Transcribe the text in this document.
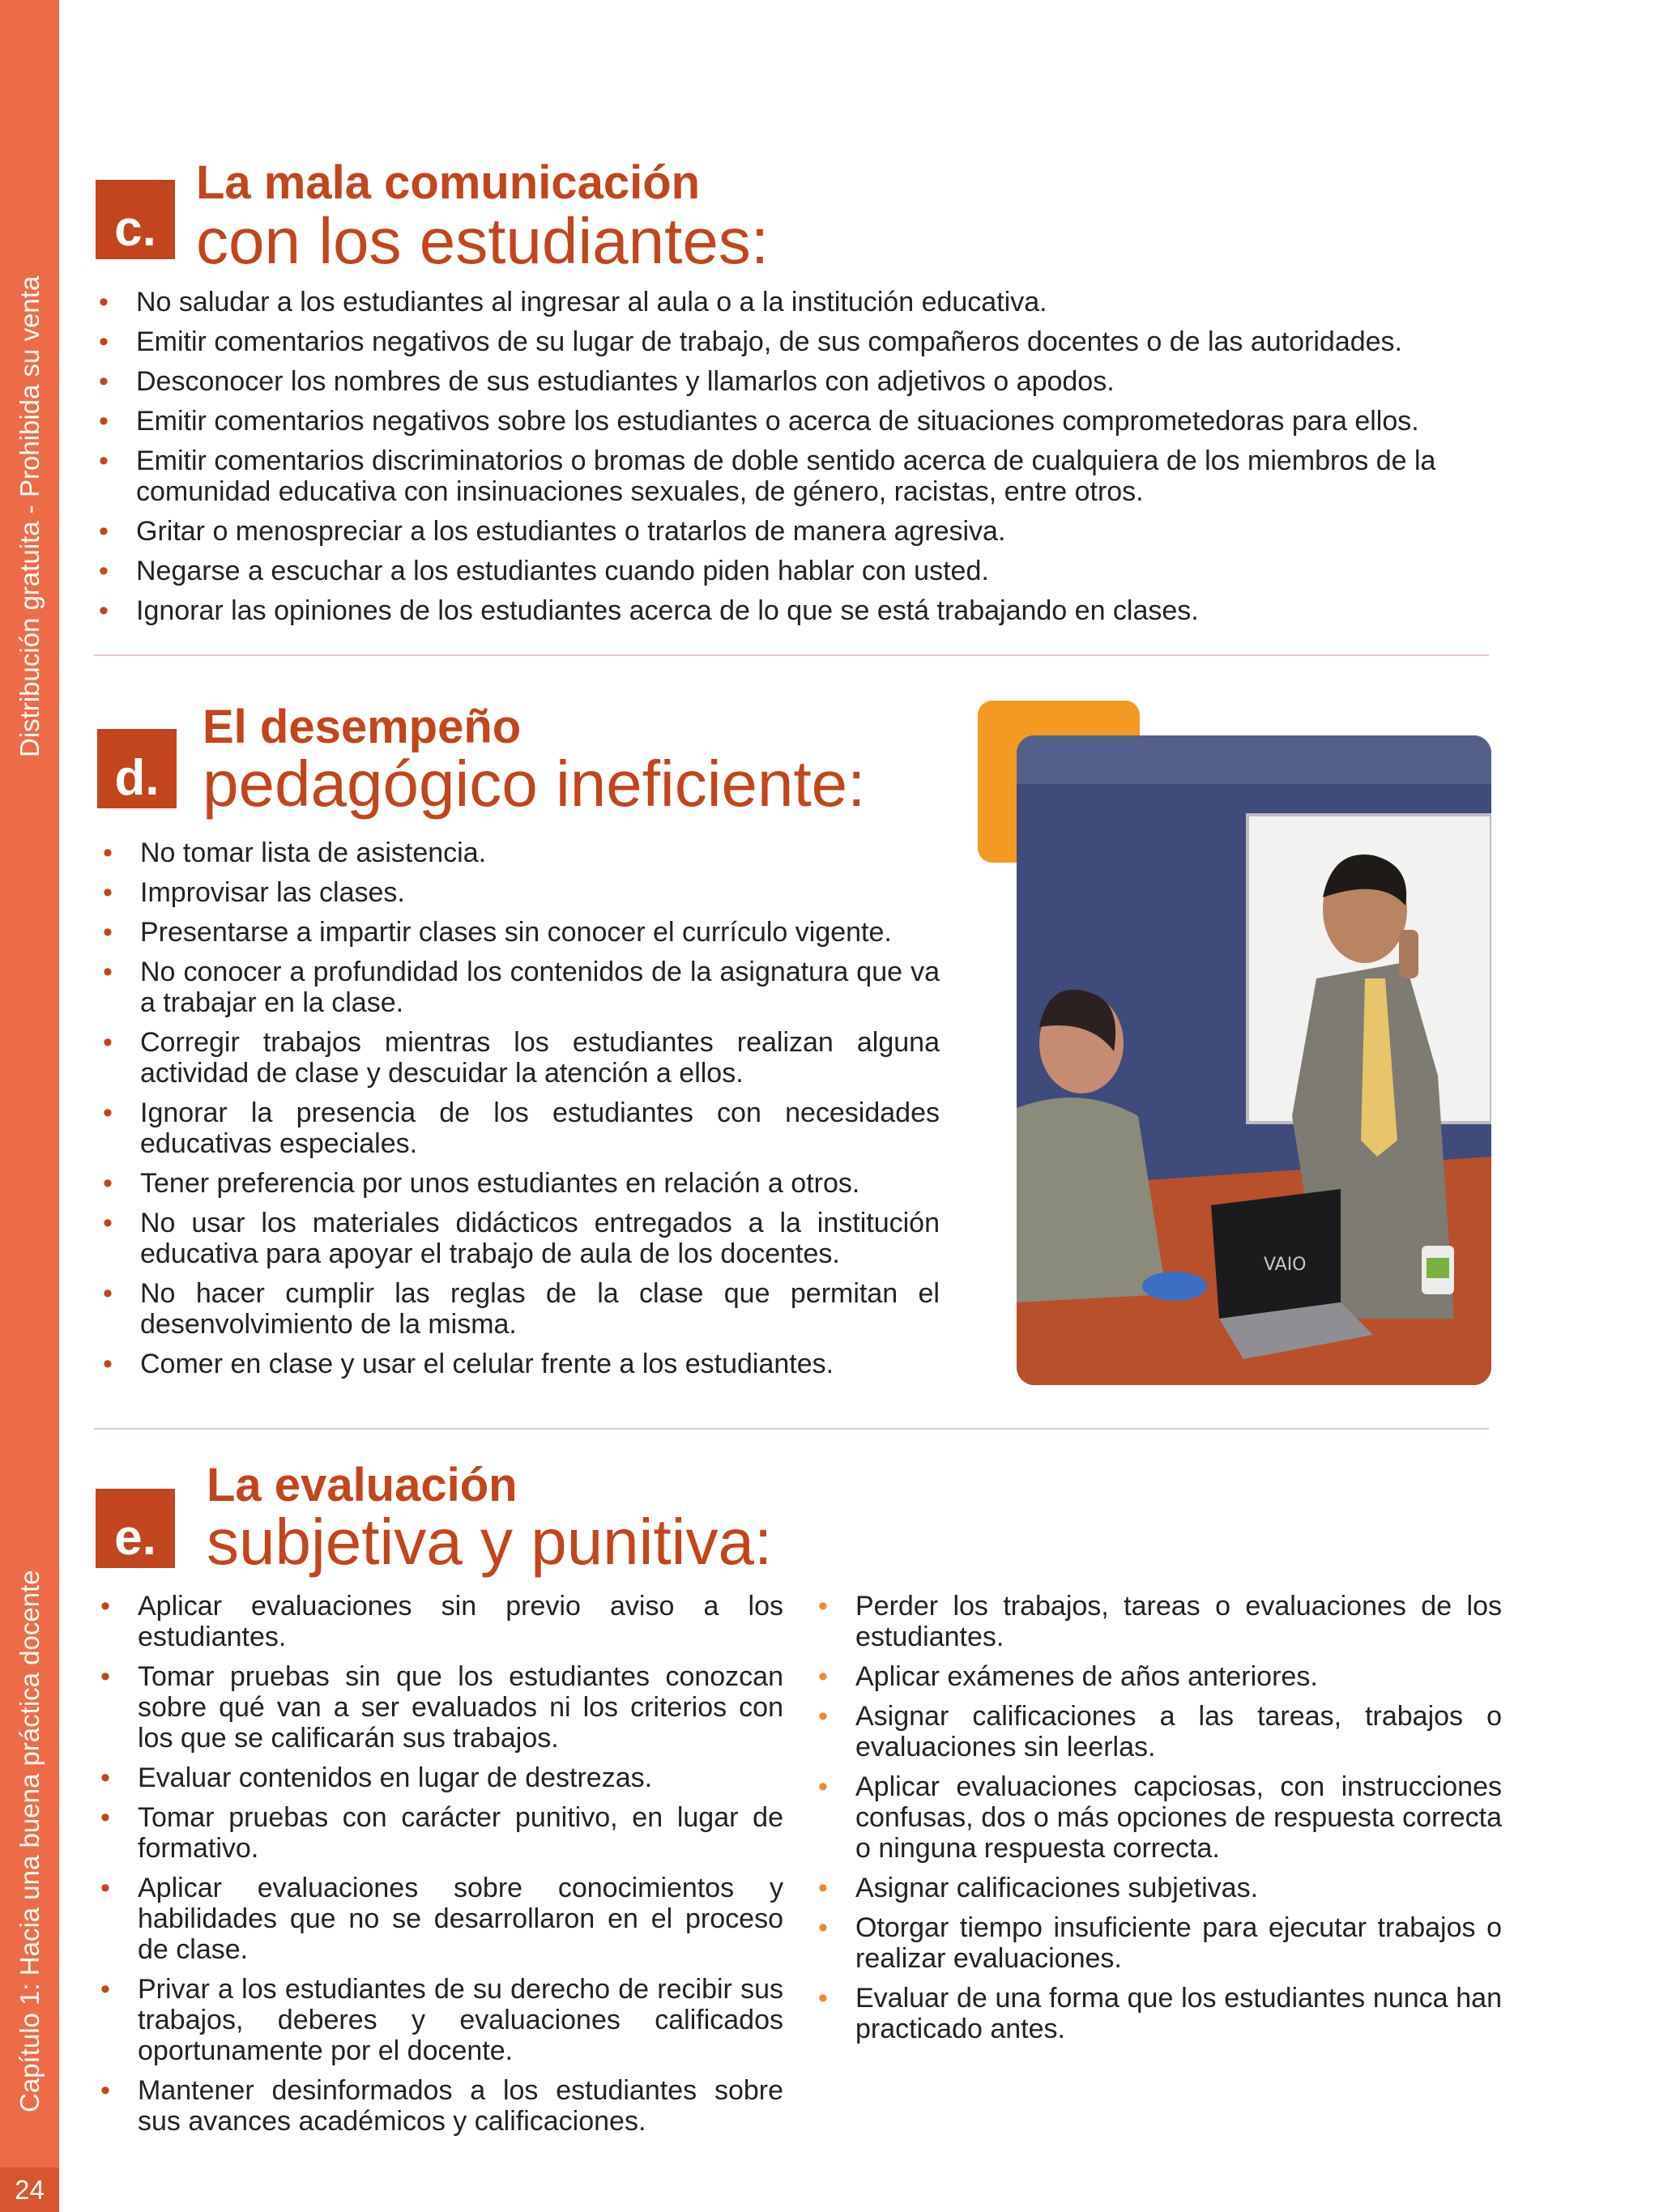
Distribución gratuita - Prohibida su venta
Capítulo 1: Hacia una buena práctica docente
24
c.
La mala comunicación
con los estudiantes:
• No saludar a los estudiantes al ingresar al aula o a la institución educativa.
• Emitir comentarios negativos de su lugar de trabajo, de sus compañeros docentes o de las autoridades.
• Desconocer los nombres de sus estudiantes y llamarlos con adjetivos o apodos.
• Emitir comentarios negativos sobre los estudiantes o acerca de situaciones comprometedoras para ellos.
• Emitir comentarios discriminatorios o bromas de doble sentido acerca de cualquiera de los miembros de la comunidad educativa con insinuaciones sexuales, de género, racistas, entre otros.
• Gritar o menospreciar a los estudiantes o tratarlos de manera agresiva.
• Negarse a escuchar a los estudiantes cuando piden hablar con usted.
• Ignorar las opiniones de los estudiantes acerca de lo que se está trabajando en clases.
d.
El desempeño
pedagógico ineficiente:
• No tomar lista de asistencia.
• Improvisar las clases.
• Presentarse a impartir clases sin conocer el currículo vigente.
• No conocer a profundidad los contenidos de la asignatura que va a trabajar en la clase.
• Corregir trabajos mientras los estudiantes realizan alguna actividad de clase y descuidar la atención a ellos.
• Ignorar la presencia de los estudiantes con necesidades educativas especiales.
• Tener preferencia por unos estudiantes en relación a otros.
• No usar los materiales didácticos entregados a la institución educativa para apoyar el trabajo de aula de los docentes.
• No hacer cumplir las reglas de la clase que permitan el desenvolvimiento de la misma.
• Comer en clase y usar el celular frente a los estudiantes.
VAIO
e.
La evaluación
subjetiva y punitiva:
• Aplicar evaluaciones sin previo aviso a los estudiantes.
• Tomar pruebas sin que los estudiantes conozcan sobre qué van a ser evaluados ni los criterios con los que se calificarán sus trabajos.
• Evaluar contenidos en lugar de destrezas.
• Tomar pruebas con carácter punitivo, en lugar de formativo.
• Aplicar evaluaciones sobre conocimientos y habilidades que no se desarrollaron en el proceso de clase.
• Privar a los estudiantes de su derecho de recibir sus trabajos, deberes y evaluaciones calificados oportunamente por el docente.
• Mantener desinformados a los estudiantes sobre sus avances académicos y calificaciones.
• Perder los trabajos, tareas o evaluaciones de los estudiantes.
• Aplicar exámenes de años anteriores.
• Asignar calificaciones a las tareas, trabajos o evaluaciones sin leerlas.
• Aplicar evaluaciones capciosas, con instrucciones confusas, dos o más opciones de respuesta correcta o ninguna respuesta correcta.
• Asignar calificaciones subjetivas.
• Otorgar tiempo insuficiente para ejecutar trabajos o realizar evaluaciones.
• Evaluar de una forma que los estudiantes nunca han practicado antes.
